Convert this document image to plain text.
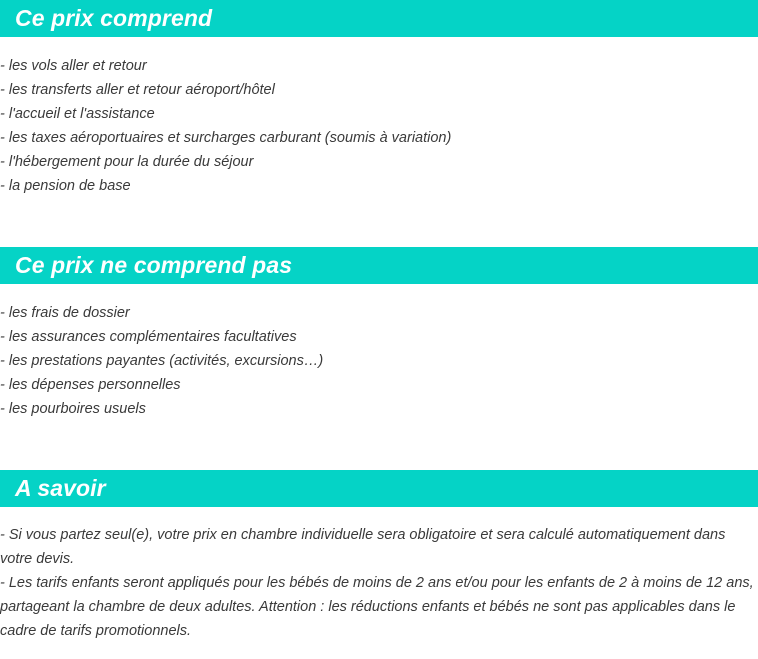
Ce prix comprend
- les vols aller et retour
- les transferts aller et retour aéroport/hôtel
- l'accueil et l'assistance
- les taxes aéroportuaires et surcharges carburant (soumis à variation)
- l'hébergement pour la durée du séjour
- la pension de base
Ce prix ne comprend pas
- les frais de dossier
- les assurances complémentaires facultatives
- les prestations payantes (activités, excursions…)
- les dépenses personnelles
- les pourboires usuels
A savoir

- Si vous partez seul(e), votre prix en chambre individuelle sera obligatoire et sera calculé automatiquement dans votre devis.

- Les tarifs enfants seront appliqués pour les bébés de moins de 2 ans et/ou pour les enfants de 2 à moins de 12 ans, partageant la chambre de deux adultes. Attention : les réductions enfants et bébés ne sont pas applicables dans le cadre de tarifs promotionnels.
